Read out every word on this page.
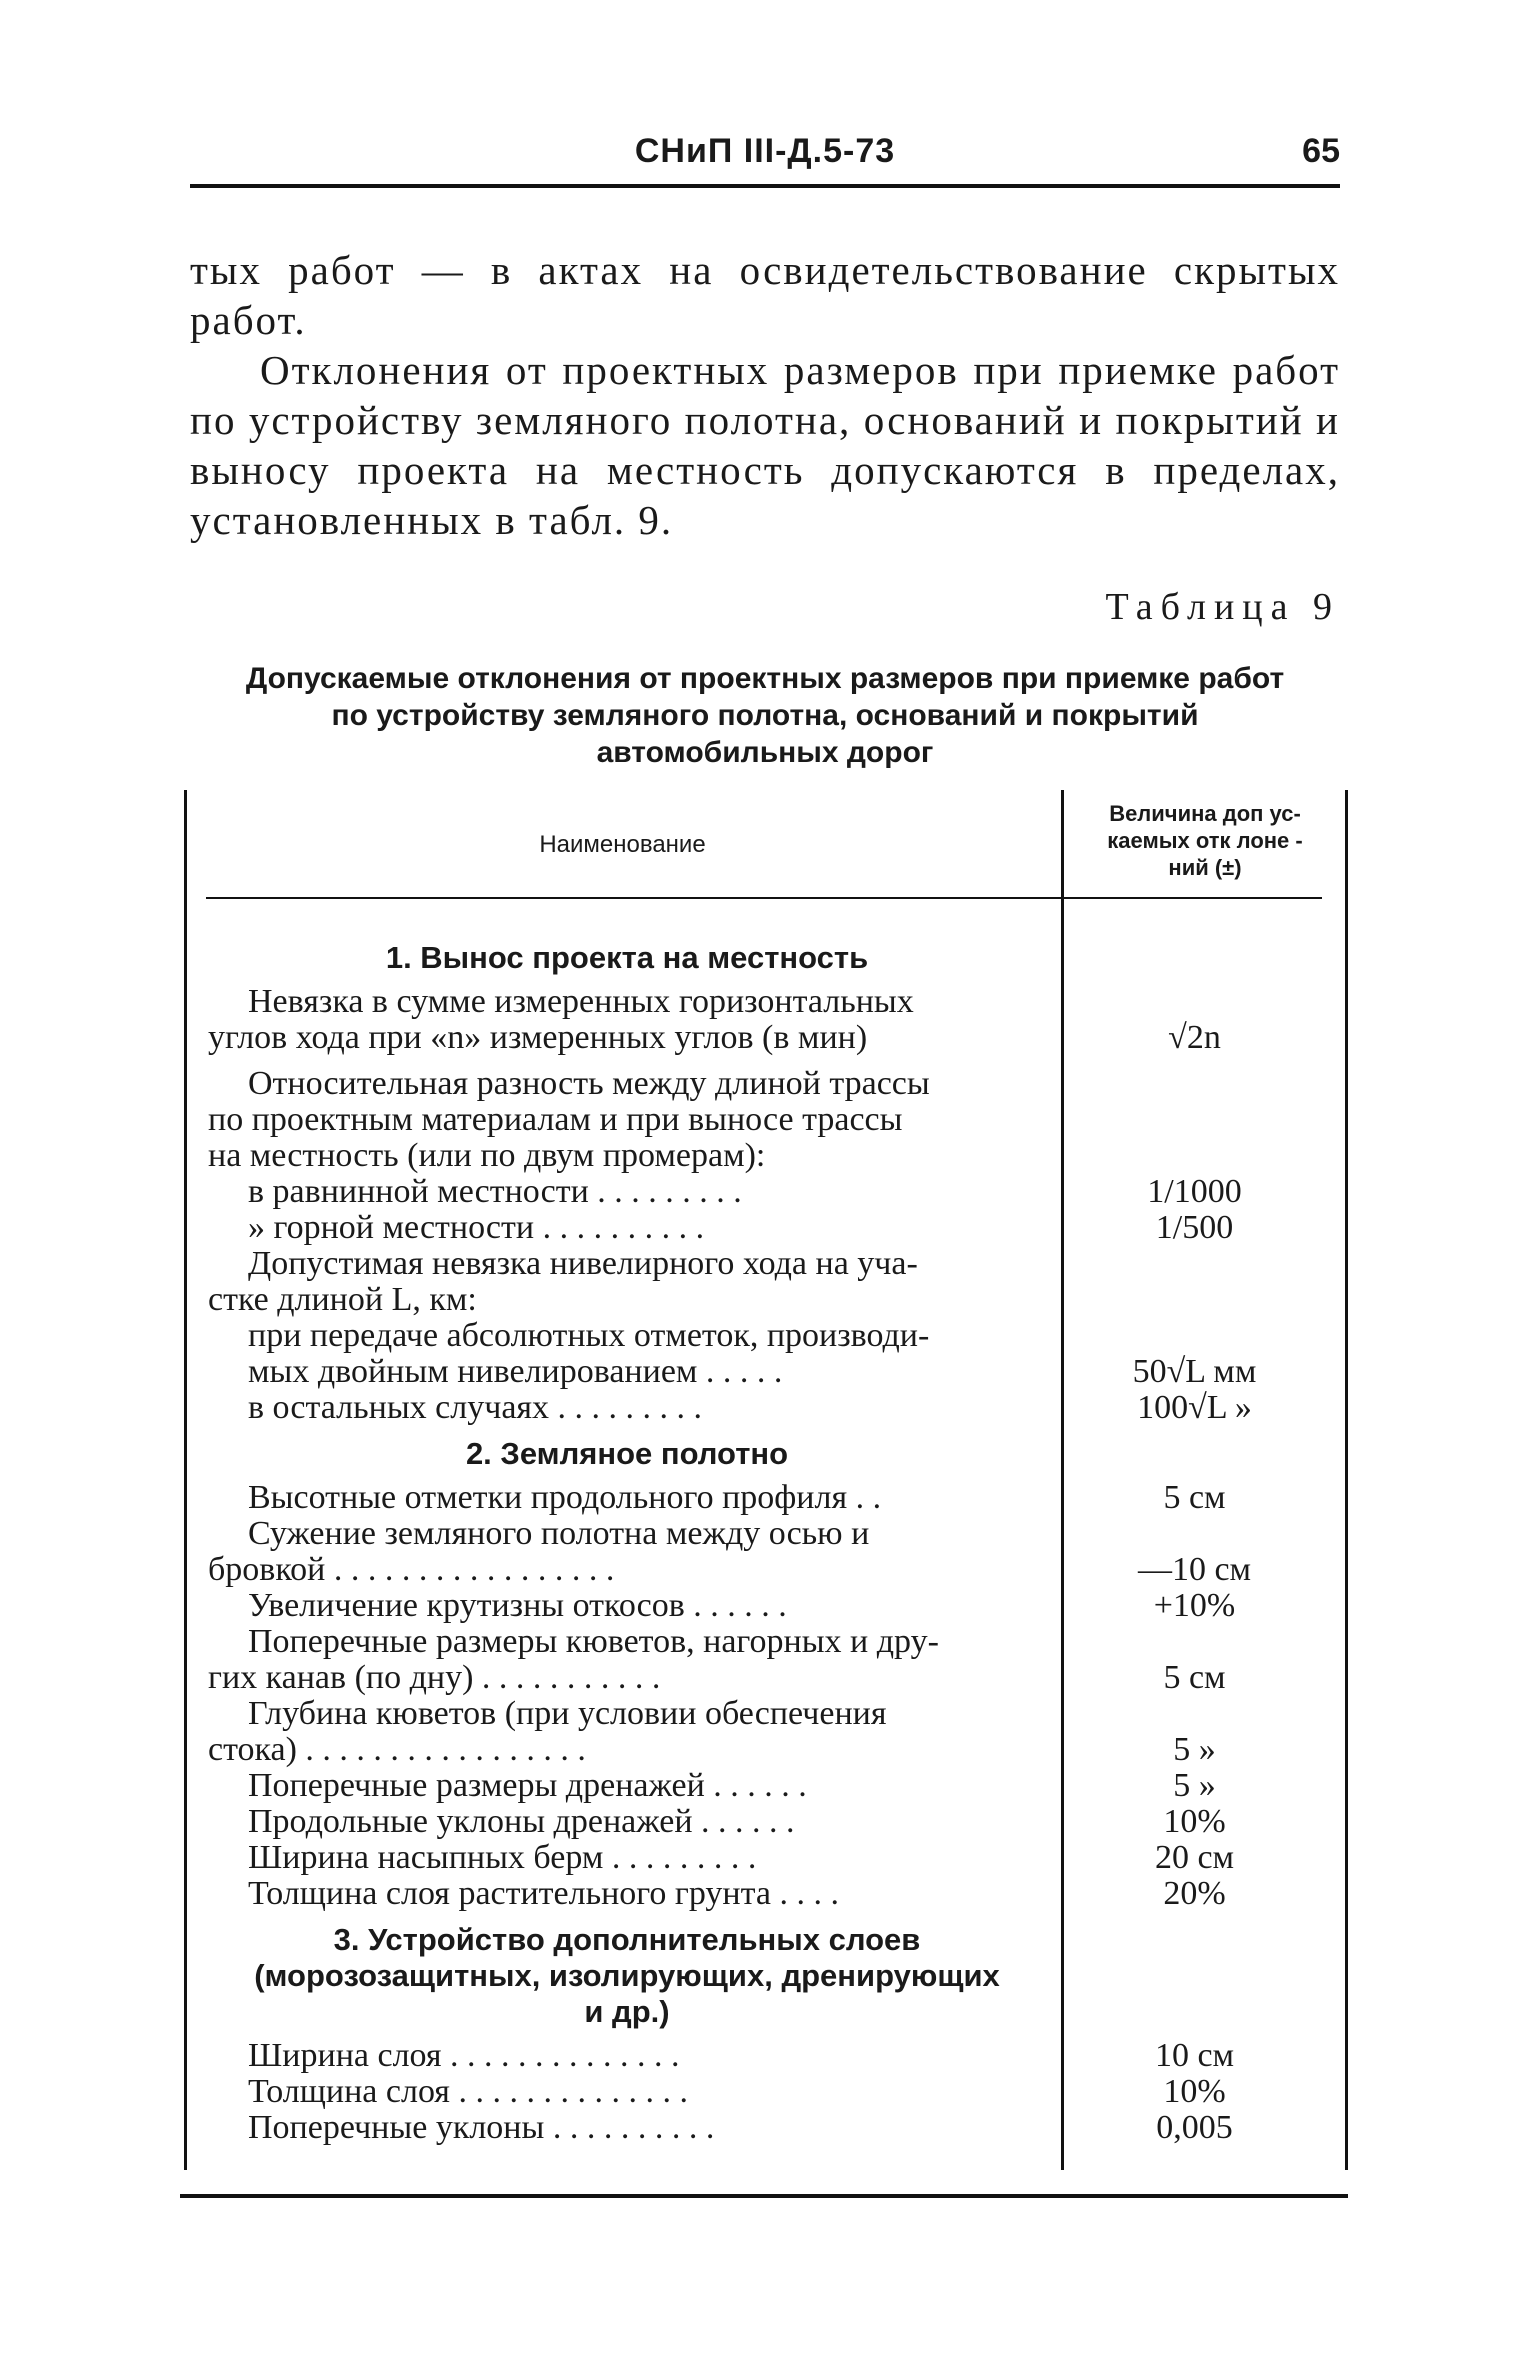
СНиП III-Д.5-73	65

тых работ — в актах на освидетельствование скрытых работ.

Отклонения от проектных размеров при приемке работ по устройству земляного полотна, оснований и покрытий и выносу проекта на местность допускаются в пределах, установленных в табл. 9.

Таблица 9
Допускаемые отклонения от проектных размеров при приемке работ
по устройству земляного полотна, оснований и покрытий
автомобильных дорог
Наименование
Величина доп ус-
каемых отк лоне -
ний (±)
1. Вынос проекта на местность
Невязка в сумме измеренных горизонтальных
углов хода при «n» измеренных углов (в мин)	√2n
Относительная разность между длиной трассы
по проектным материалам и при выносе трассы
на местность (или по двум промерам):
в равнинной местности . . . . . . . . .	1/1000
» горной местности . . . . . . . . . .	1/500
Допустимая невязка нивелирного хода на уча-
стке длиной L, км:
при передаче абсолютных отметок, производи-
мых двойным нивелированием . . . . .	50√L мм
в остальных случаях . . . . . . . . .	100√L »
2. Земляное полотно
Высотные отметки продольного профиля . .	5 см
Сужение земляного полотна между осью и
бровкой . . . . . . . . . . . . . . . . .	—10 см
Увеличение крутизны откосов . . . . . .	+10%
Поперечные размеры кюветов, нагорных и дру-
гих канав (по дну) . . . . . . . . . . .	5 см
Глубина кюветов (при условии обеспечения
стока) . . . . . . . . . . . . . . . . .	5 »
Поперечные размеры дренажей . . . . . .	5 »
Продольные уклоны дренажей . . . . . .	10%
Ширина насыпных берм . . . . . . . . .	20 см
Толщина слоя растительного грунта . . . .	20%
3. Устройство дополнительных слоев
(морозозащитных, изолирующих, дренирующих
и др.)
Ширина слоя . . . . . . . . . . . . . .	10 см
Толщина слоя . . . . . . . . . . . . . .	10%
Поперечные уклоны . . . . . . . . . .	0,005
